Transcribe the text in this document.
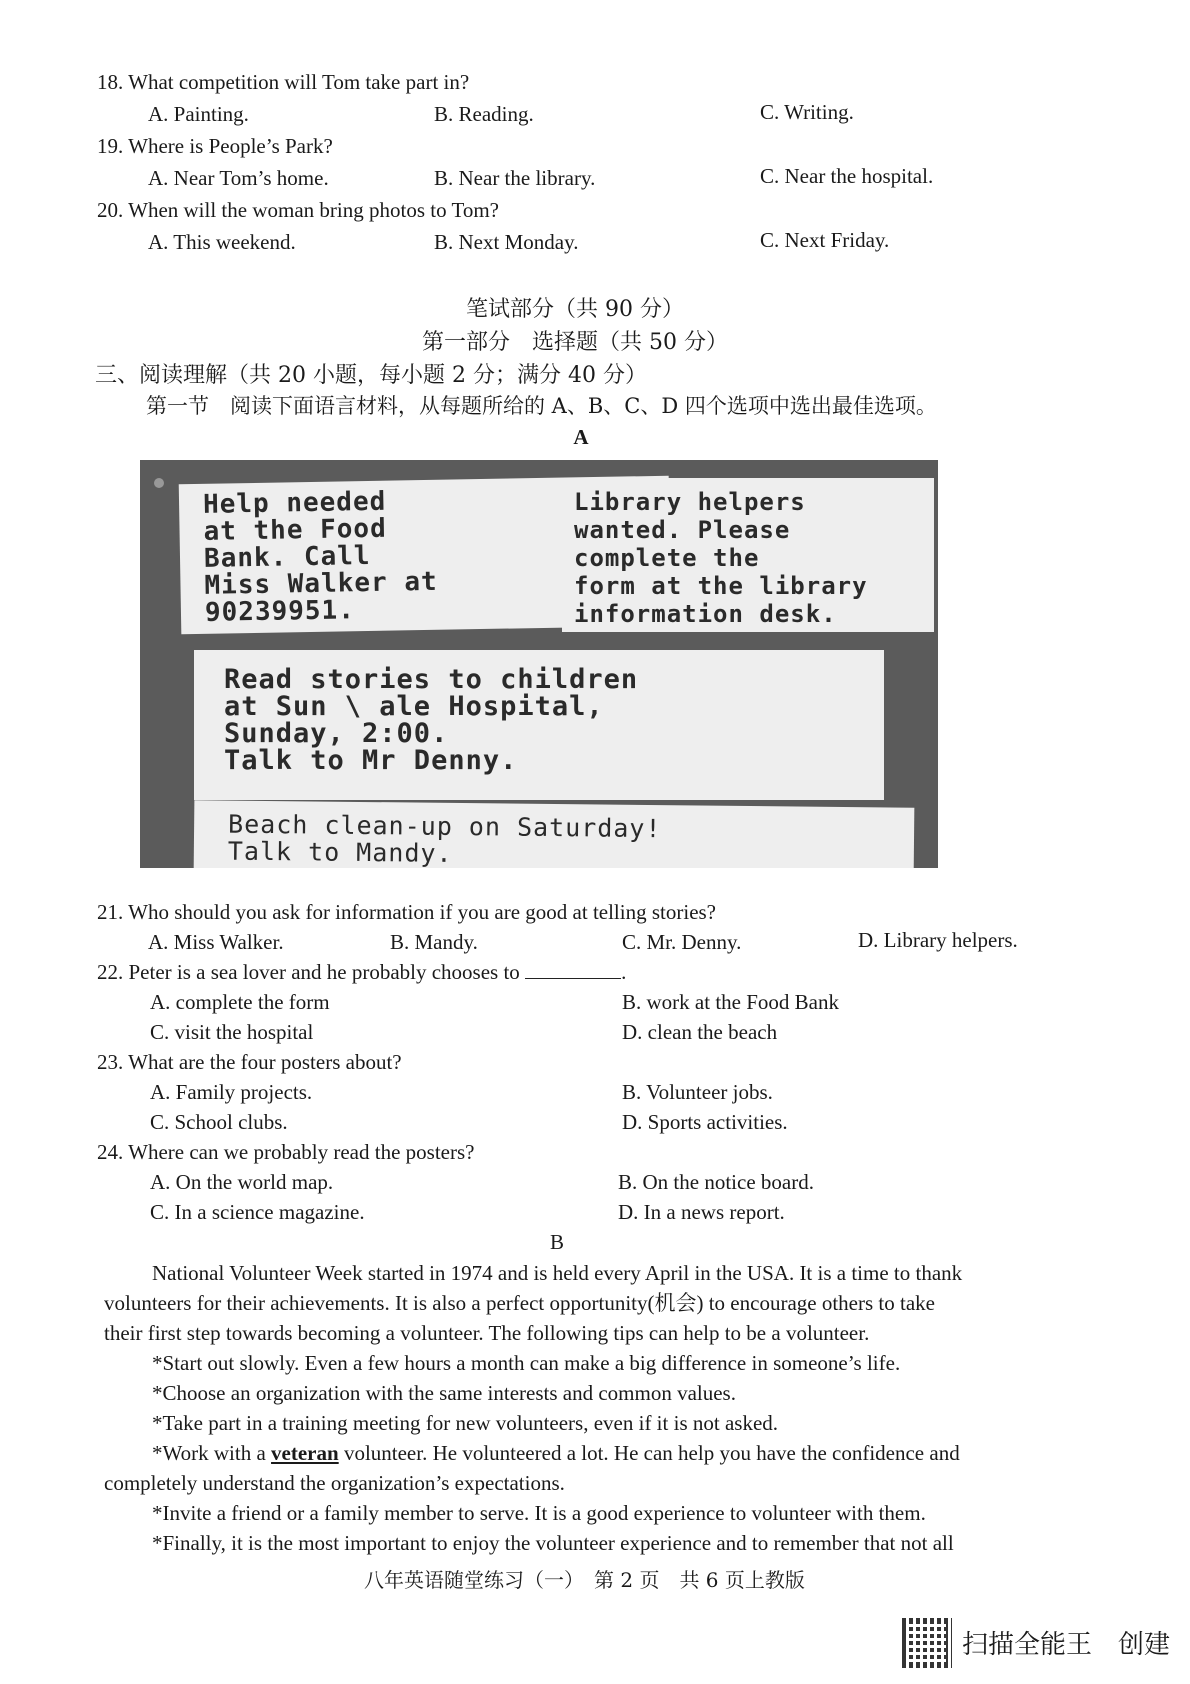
18. What competition will Tom take part in?
A. Painting.	B. Reading.	C. Writing.
19. Where is People’s Park?
A. Near Tom’s home.	B. Near the library.	C. Near the hospital.
20. When will the woman bring photos to Tom?
A. This weekend.	B. Next Monday.	C. Next Friday.
笔试部分（共 90 分）
第一部分　选择题（共 50 分）
三、阅读理解（共 20 小题，每小题 2 分；满分 40 分）
第一节　阅读下面语言材料，从每题所给的 A、B、C、D 四个选项中选出最佳选项。
A
Help needed
at the Food
Bank. Call
Miss Walker at
90239951.
Library helpers
wanted. Please
complete the
form at the library
information desk.
Read stories to children
at Sun \ ale Hospital,
Sunday, 2:00.
Talk to Mr Denny.
Beach clean-up on Saturday!
Talk to Mandy.
21. Who should you ask for information if you are good at telling stories?
A. Miss Walker.	B. Mandy.	C. Mr. Denny.	D. Library helpers.
22. Peter is a sea lover and he probably chooses to	.
A. complete the form	B. work at the Food Bank
C. visit the hospital	D. clean the beach
23. What are the four posters about?
A. Family projects.	B. Volunteer jobs.
C. School clubs.	D. Sports activities.
24. Where can we probably read the posters?
A. On the world map.	B. On the notice board.
C. In a science magazine.	D. In a news report.
B
National Volunteer Week started in 1974 and is held every April in the USA. It is a time to thank
volunteers for their achievements. It is also a perfect opportunity(机会) to encourage others to take
their first step towards becoming a volunteer. The following tips can help to be a volunteer.
*Start out slowly. Even a few hours a month can make a big difference in someone’s life.
*Choose an organization with the same interests and common values.
*Take part in a training meeting for new volunteers, even if it is not asked.
*Work with a veteran volunteer. He volunteered a lot. He can help you have the confidence and
completely understand the organization’s expectations.
*Invite a friend or a family member to serve. It is a good experience to volunteer with them.
*Finally, it is the most important to enjoy the volunteer experience and to remember that not all
八年英语随堂练习（一）　第 2 页　共 6 页上教版
扫描全能王　创建
